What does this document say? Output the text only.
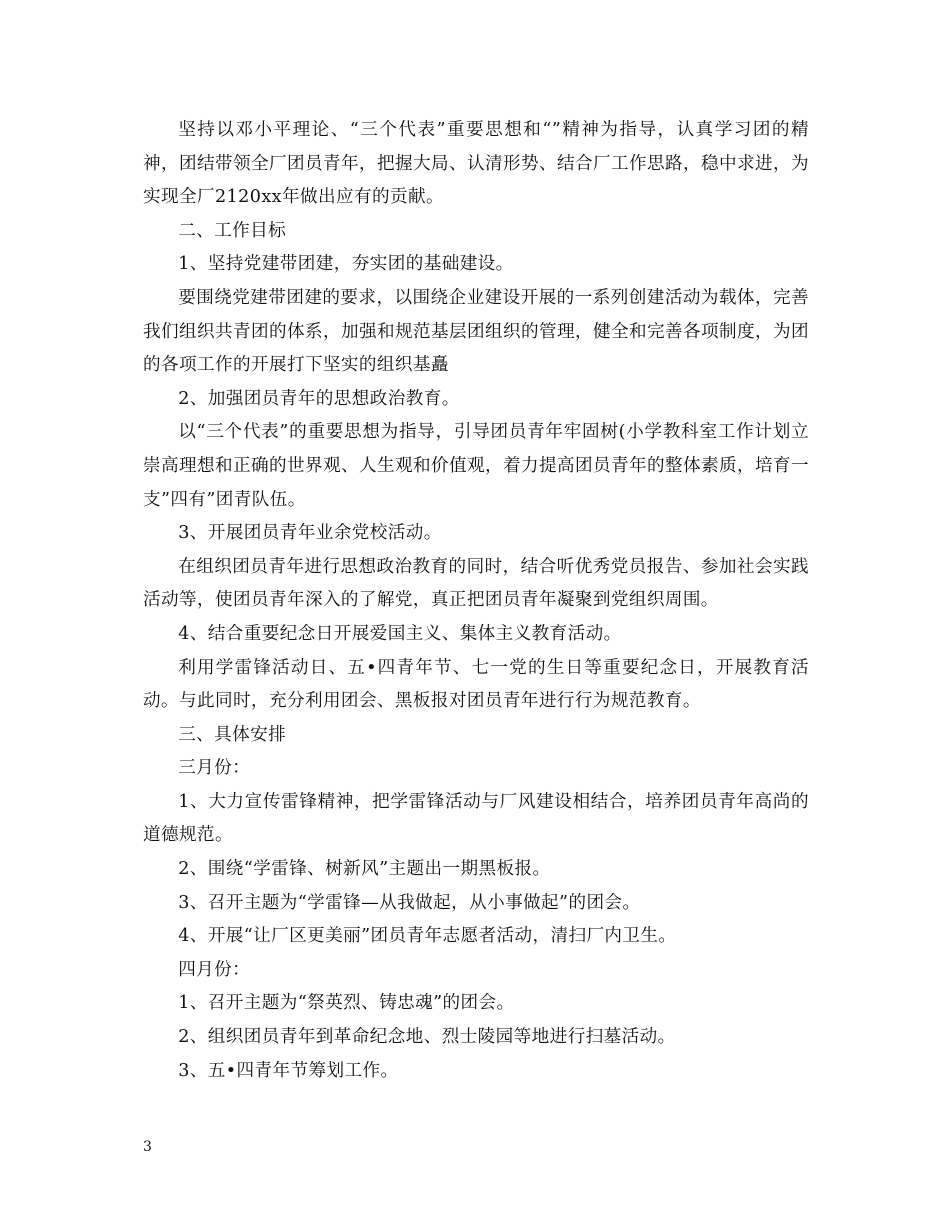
坚持以邓小平理论、“三个代表”重要思想和“”精神为指导，认真学习团的精神，团结带领全厂团员青年，把握大局、认清形势、结合厂工作思路，稳中求进，为实现全厂2120xx年做出应有的贡献。

二、工作目标

1、坚持党建带团建，夯实团的基础建设。

要围绕党建带团建的要求，以围绕企业建设开展的一系列创建活动为载体，完善我们组织共青团的体系，加强和规范基层团组织的管理，健全和完善各项制度，为团的各项工作的开展打下坚实的组织基矗

2、加强团员青年的思想政治教育。

以“三个代表”的重要思想为指导，引导团员青年牢固树(小学教科室工作计划立崇高理想和正确的世界观、人生观和价值观，着力提高团员青年的整体素质，培育一支”四有”团青队伍。

3、开展团员青年业余党校活动。

在组织团员青年进行思想政治教育的同时，结合听优秀党员报告、参加社会实践活动等，使团员青年深入的了解党，真正把团员青年凝聚到党组织周围。

4、结合重要纪念日开展爱国主义、集体主义教育活动。

利用学雷锋活动日、五•四青年节、七一党的生日等重要纪念日，开展教育活动。与此同时，充分利用团会、黑板报对团员青年进行行为规范教育。

三、具体安排

三月份：

1、大力宣传雷锋精神，把学雷锋活动与厂风建设相结合，培养团员青年高尚的道德规范。

2、围绕“学雷锋、树新风”主题出一期黑板报。

3、召开主题为“学雷锋—从我做起，从小事做起”的团会。

4、开展“让厂区更美丽”团员青年志愿者活动，清扫厂内卫生。

四月份：

1、召开主题为“祭英烈、铸忠魂”的团会。

2、组织团员青年到革命纪念地、烈士陵园等地进行扫墓活动。

3、五•四青年节筹划工作。

3
